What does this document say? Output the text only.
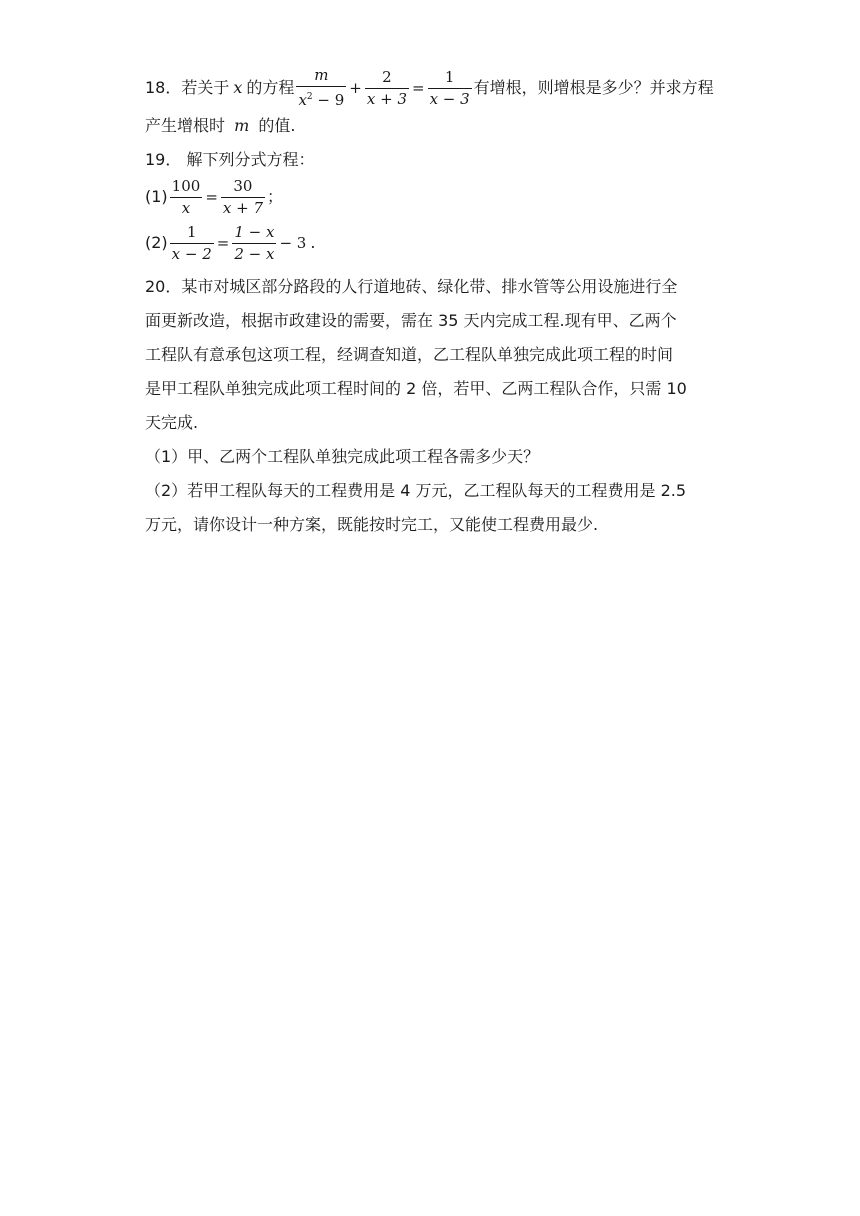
18． 若关于 x 的方程 $\frac{m}{x^2 - 9} + \frac{2}{x + 3} = \frac{1}{x - 3}$ 有增根，则增根是多少？并求方程
产生增根时 m 的值.
19． 解下列分式方程：
$(1) \frac{100}{x} = \frac{30}{x + 7}$ ；
$(2) \frac{1}{x - 2} = \frac{1 - x}{2 - x} - 3$ .
20．某市对城区部分路段的人行道地砖、绿化带、排水管等公用设施进行全
面更新改造，根据市政建设的需要，需在 35 天内完成工程.现有甲、乙两个
工程队有意承包这项工程，经调查知道，乙工程队单独完成此项工程的时间
是甲工程队单独完成此项工程时间的 2 倍，若甲、乙两工程队合作，只需 10
天完成.
（1）甲、乙两个工程队单独完成此项工程各需多少天？
（2）若甲工程队每天的工程费用是 4 万元，乙工程队每天的工程费用是 2.5
万元，请你设计一种方案，既能按时完工，又能使工程费用最少.
